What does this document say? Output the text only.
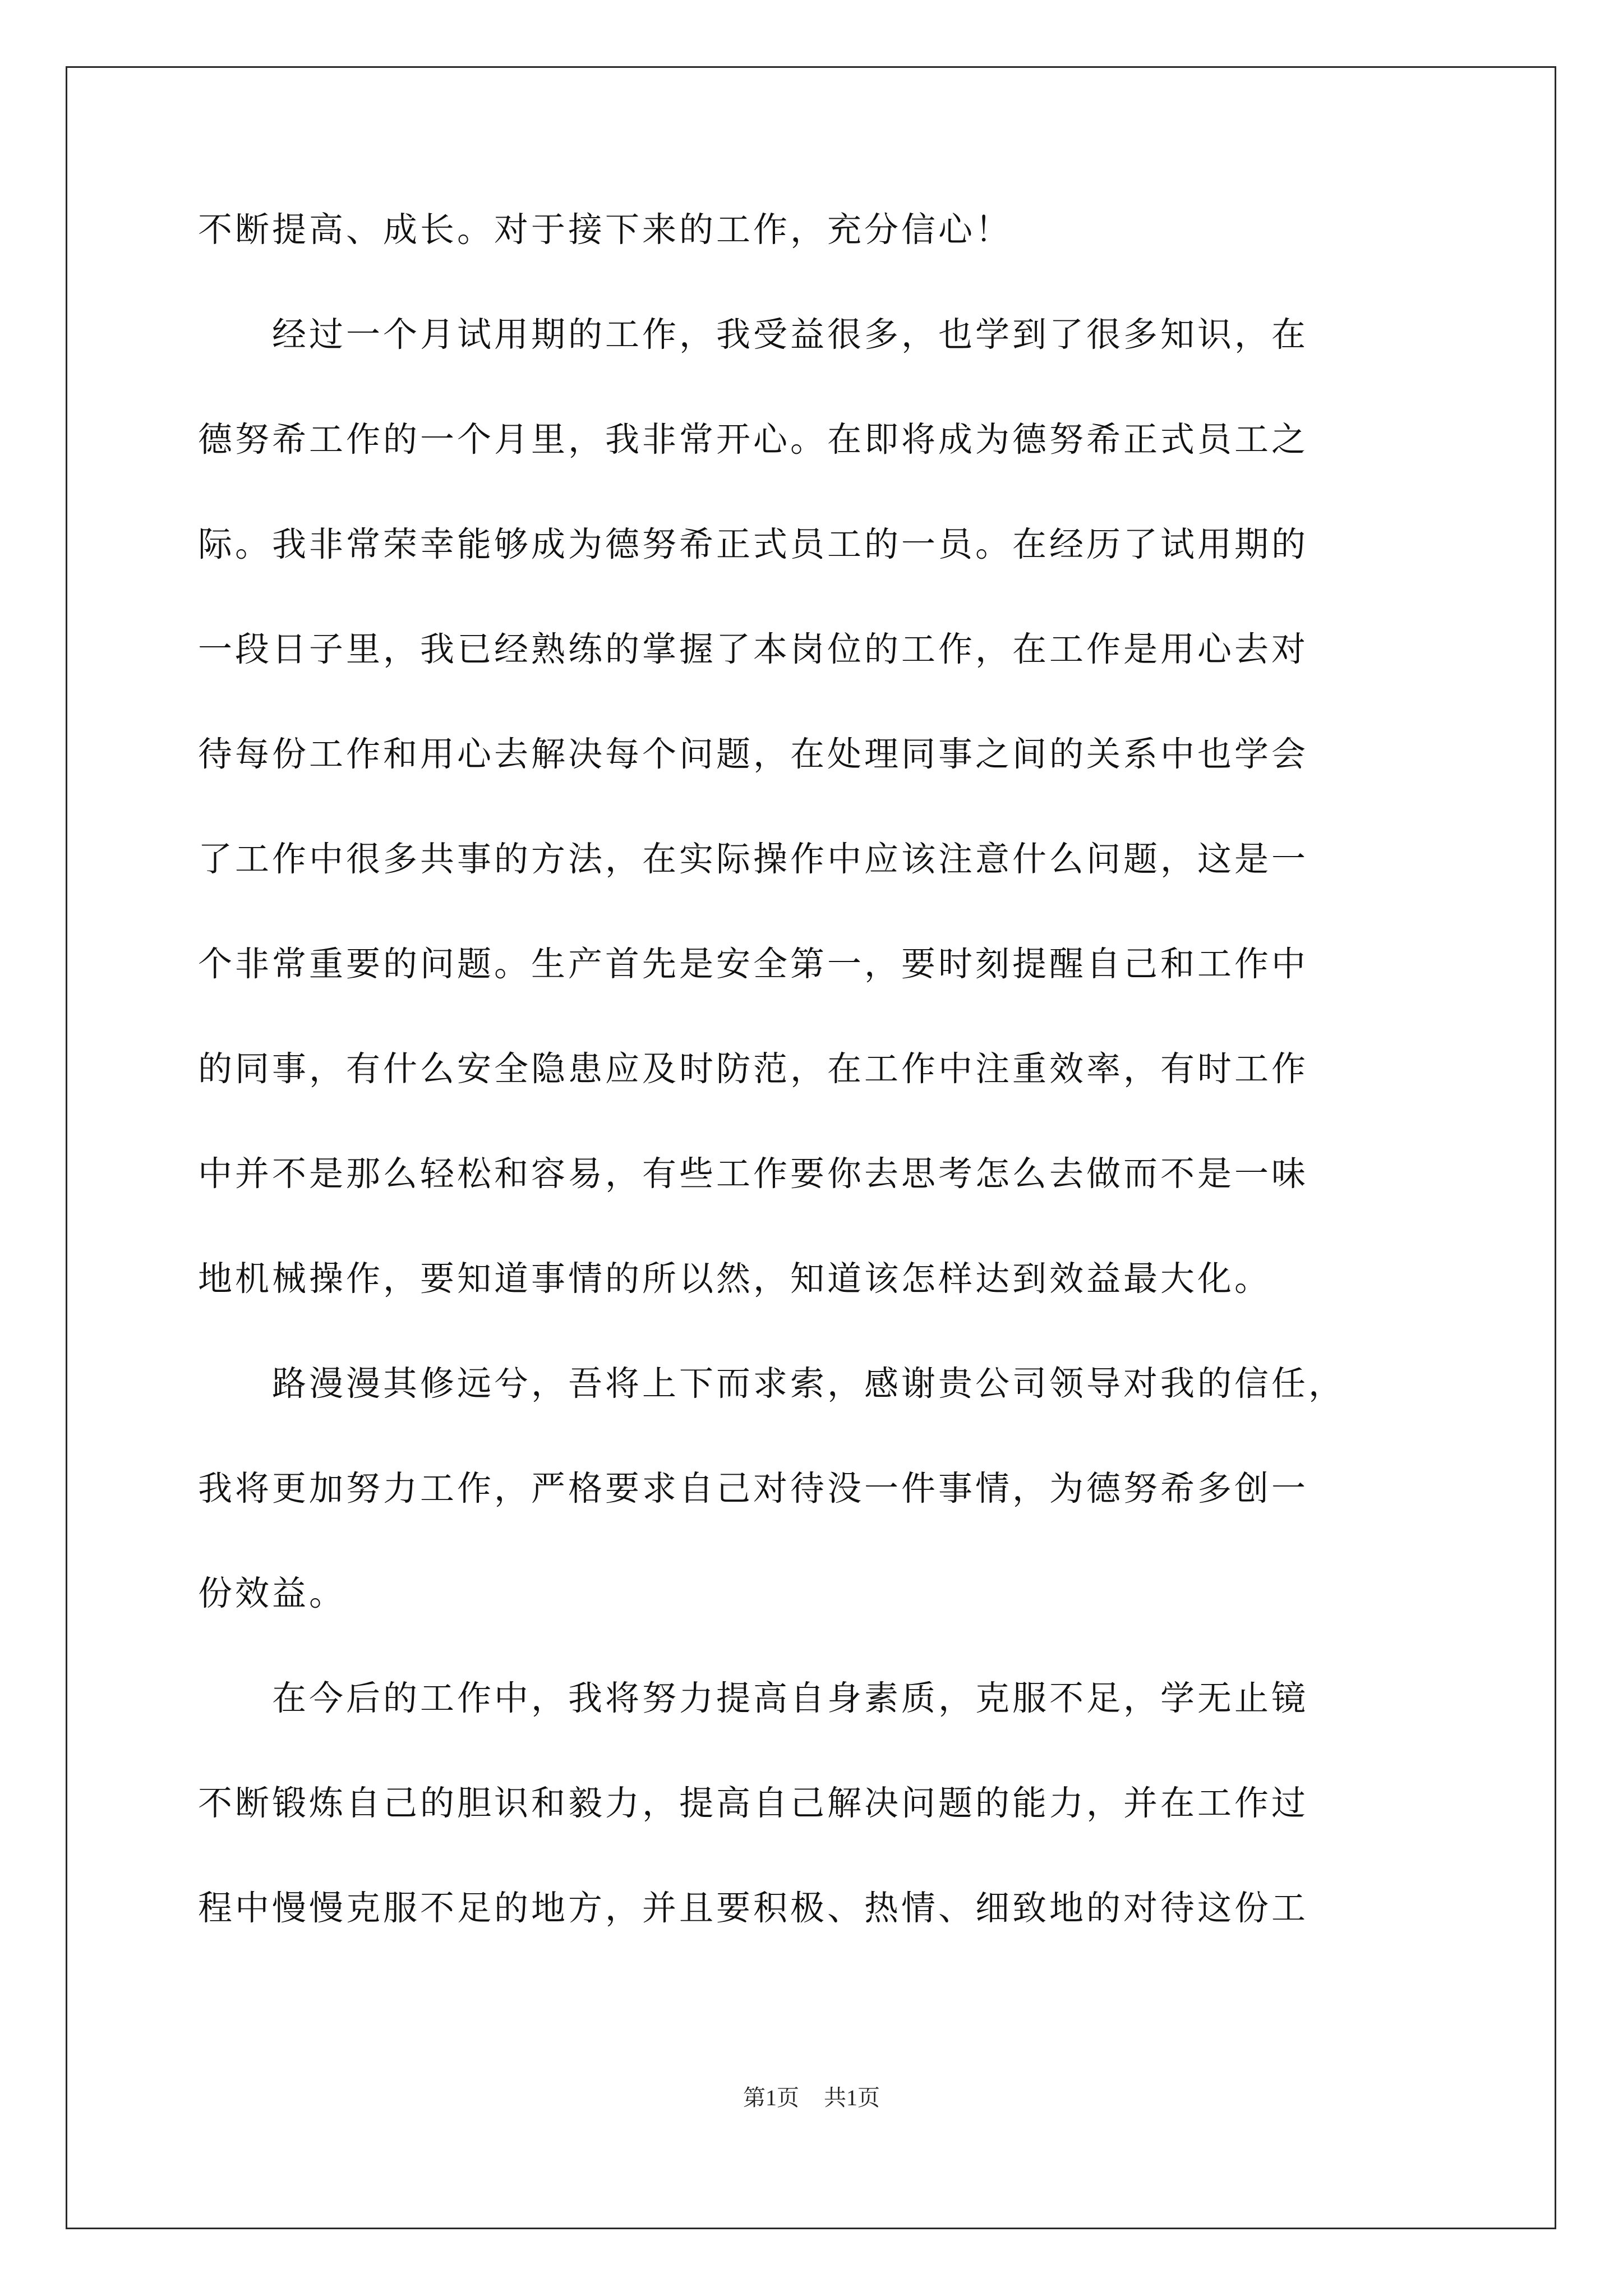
不断提高、成长。对于接下来的工作，充分信心！
　　经过一个月试用期的工作，我受益很多，也学到了很多知识，在
德努希工作的一个月里，我非常开心。在即将成为德努希正式员工之
际。我非常荣幸能够成为德努希正式员工的一员。在经历了试用期的
一段日子里，我已经熟练的掌握了本岗位的工作，在工作是用心去对
待每份工作和用心去解决每个问题，在处理同事之间的关系中也学会
了工作中很多共事的方法，在实际操作中应该注意什么问题，这是一
个非常重要的问题。生产首先是安全第一，要时刻提醒自己和工作中
的同事，有什么安全隐患应及时防范，在工作中注重效率，有时工作
中并不是那么轻松和容易，有些工作要你去思考怎么去做而不是一味
地机械操作，要知道事情的所以然，知道该怎样达到效益最大化。
　　路漫漫其修远兮，吾将上下而求索，感谢贵公司领导对我的信任，
我将更加努力工作，严格要求自己对待没一件事情，为德努希多创一
份效益。
　　在今后的工作中，我将努力提高自身素质，克服不足，学无止镜
不断锻炼自己的胆识和毅力，提高自己解决问题的能力，并在工作过
程中慢慢克服不足的地方，并且要积极、热情、细致地的对待这份工
第1页 共1页
